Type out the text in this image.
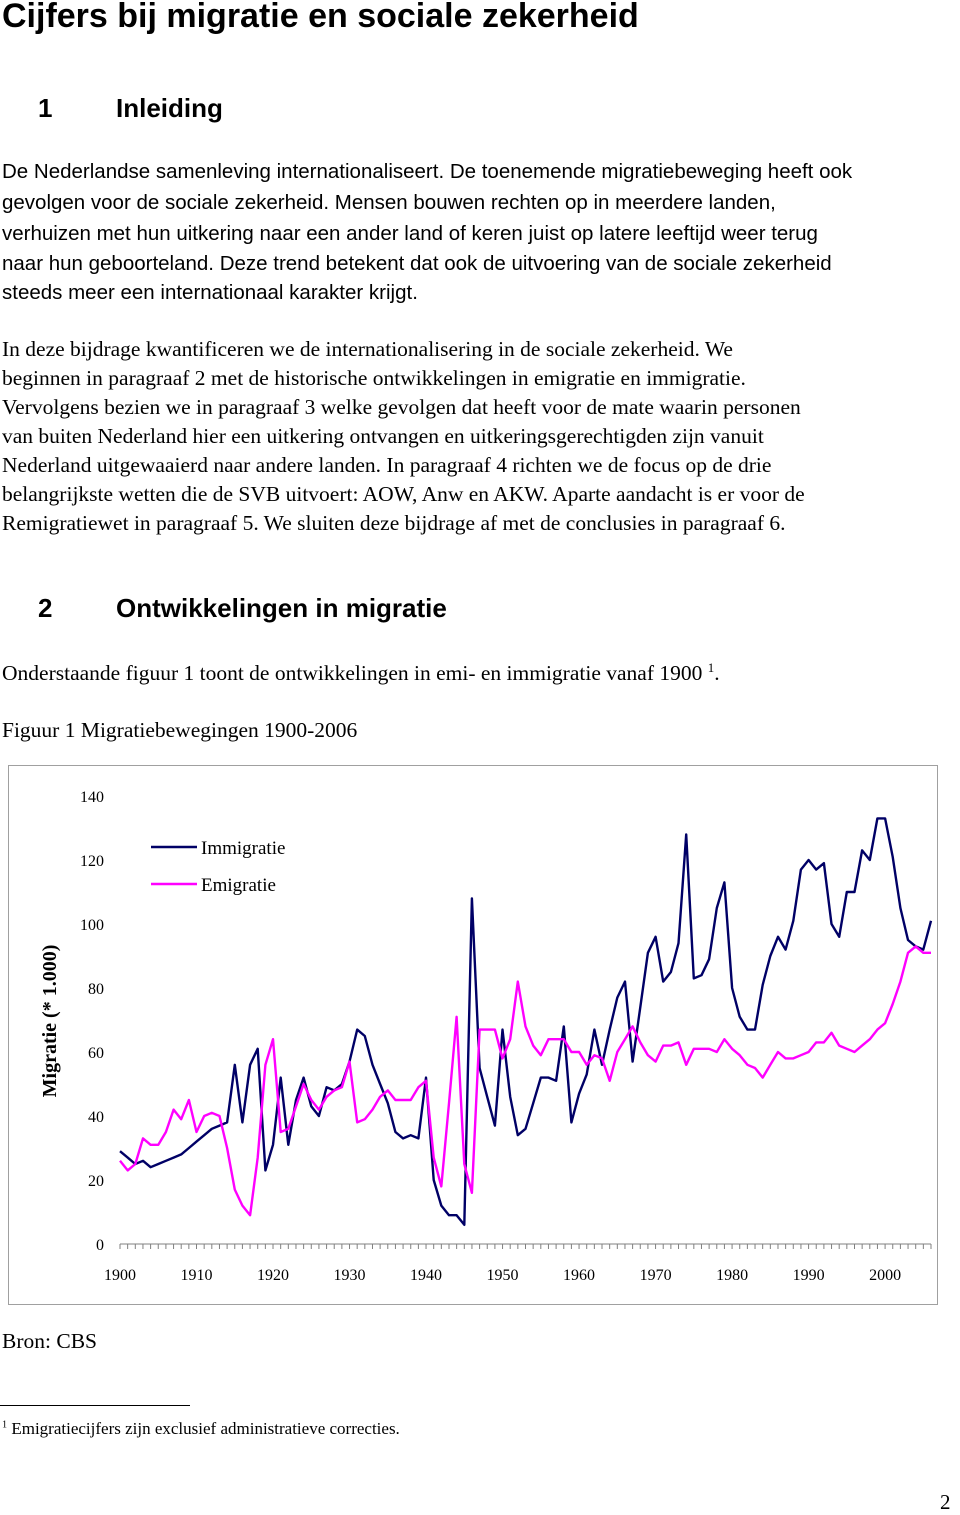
Cijfers bij migratie en sociale zekerheid
1 Inleiding
De Nederlandse samenleving internationaliseert. De toenemende migratiebeweging heeft ook
gevolgen voor de sociale zekerheid. Mensen bouwen rechten op in meerdere landen,
verhuizen met hun uitkering naar een ander land of keren juist op latere leeftijd weer terug
naar hun geboorteland. Deze trend betekent dat ook de uitvoering van de sociale zekerheid
steeds meer een internationaal karakter krijgt.
In deze bijdrage kwantificeren we de internationalisering in de sociale zekerheid. We
beginnen in paragraaf 2 met de historische ontwikkelingen in emigratie en immigratie.
Vervolgens bezien we in paragraaf 3 welke gevolgen dat heeft voor de mate waarin personen
van buiten Nederland hier een uitkering ontvangen en uitkeringsgerechtigden zijn vanuit
Nederland uitgewaaierd naar andere landen. In paragraaf 4 richten we de focus op de drie
belangrijkste wetten die de SVB uitvoert: AOW, Anw en AKW. Aparte aandacht is er voor de
Remigratiewet in paragraaf 5. We sluiten deze bijdrage af met de conclusies in paragraaf 6.
2 Ontwikkelingen in migratie
Onderstaande figuur 1 toont de ontwikkelingen in emi- en immigratie vanaf 1900 $^1$.
Figuur 1 Migratiebewegingen 1900-2006
0
20
40
60
80
100
120
140
1900	1910	1920	1930	1940	1950	1960	1970	1980	1990	2000
Migratie (* 1.000)
Immigratie
Emigratie
Bron: CBS
$^1$ Emigratiecijfers zijn exclusief administratieve correcties.
2
